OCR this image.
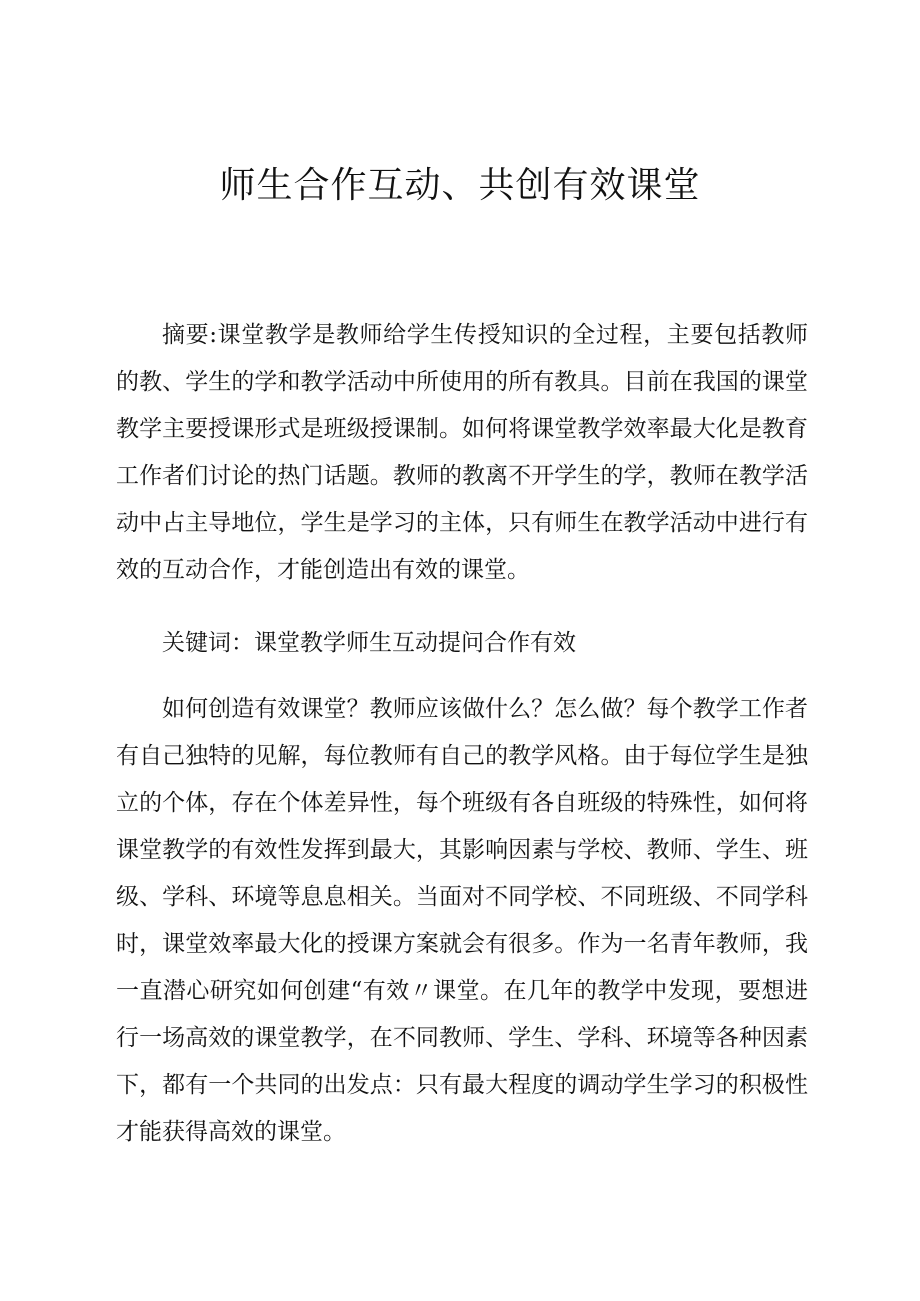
师生合作互动、共创有效课堂

摘要:课堂教学是教师给学生传授知识的全过程，主要包括教师的教、学生的学和教学活动中所使用的所有教具。目前在我国的课堂教学主要授课形式是班级授课制。如何将课堂教学效率最大化是教育工作者们讨论的热门话题。教师的教离不开学生的学，教师在教学活动中占主导地位，学生是学习的主体，只有师生在教学活动中进行有效的互动合作，才能创造出有效的课堂。

关键词：课堂教学师生互动提问合作有效

如何创造有效课堂？教师应该做什么？怎么做？每个教学工作者有自己独特的见解，每位教师有自己的教学风格。由于每位学生是独立的个体，存在个体差异性，每个班级有各自班级的特殊性，如何将课堂教学的有效性发挥到最大，其影响因素与学校、教师、学生、班级、学科、环境等息息相关。当面对不同学校、不同班级、不同学科时，课堂效率最大化的授课方案就会有很多。作为一名青年教师，我一直潜心研究如何创建“有效〃课堂。在几年的教学中发现，要想进行一场高效的课堂教学，在不同教师、学生、学科、环境等各种因素下，都有一个共同的出发点：只有最大程度的调动学生学习的积极性才能获得高效的课堂。
